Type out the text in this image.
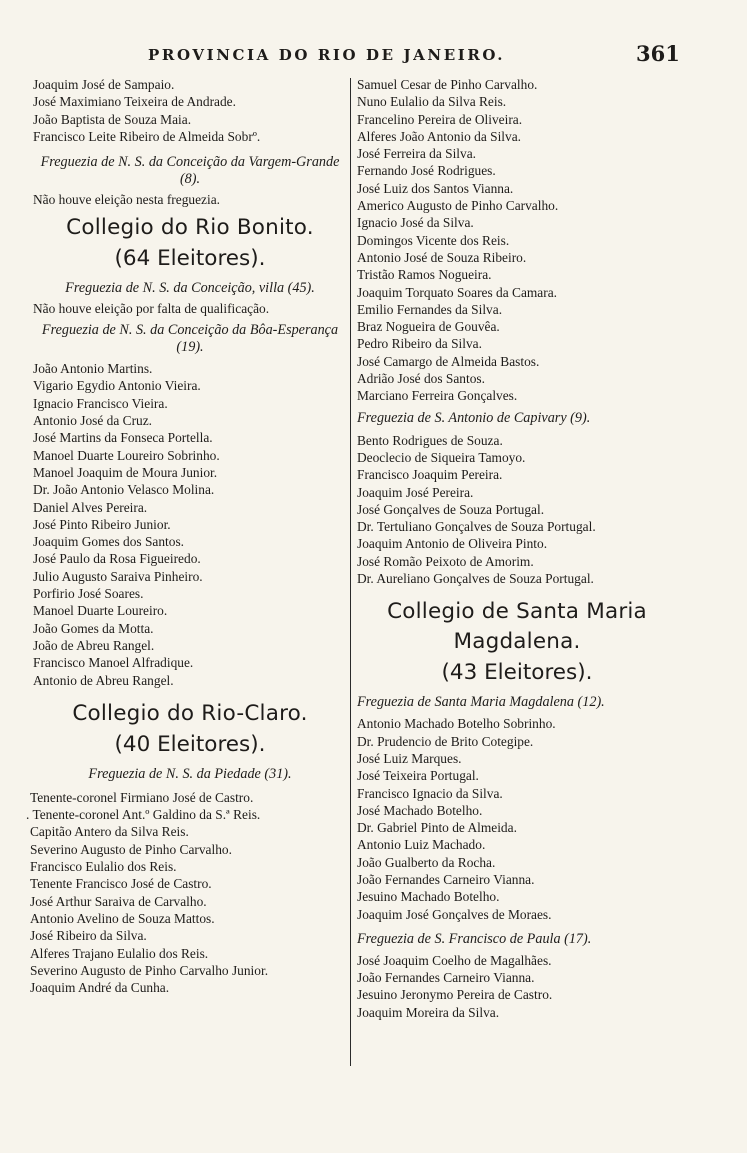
PROVINCIA DO RIO DE JANEIRO.	361
Joaquim José de Sampaio.
José Maximiano Teixeira de Andrade.
João Baptista de Souza Maia.
Francisco Leite Ribeiro de Almeida Sobrº.
Freguezia de N. S. da Conceição da Vargem-Grande (8).
Não houve eleição nesta freguezia.
Collegio do Rio Bonito.
(64 Eleitores).
Freguezia de N. S. da Conceição, villa (45).
Não houve eleição por falta de qualificação.
Freguezia de N. S. da Conceição da Bôa-Esperança (19).
João Antonio Martins.
Vigario Egydio Antonio Vieira.
Ignacio Francisco Vieira.
Antonio José da Cruz.
José Martins da Fonseca Portella.
Manoel Duarte Loureiro Sobrinho.
Manoel Joaquim de Moura Junior.
Dr. João Antonio Velasco Molina.
Daniel Alves Pereira.
José Pinto Ribeiro Junior.
Joaquim Gomes dos Santos.
José Paulo da Rosa Figueiredo.
Julio Augusto Saraiva Pinheiro.
Porfirio José Soares.
Manoel Duarte Loureiro.
João Gomes da Motta.
João de Abreu Rangel.
Francisco Manoel Alfradique.
Antonio de Abreu Rangel.
Collegio do Rio-Claro.
(40 Eleitores).
Freguezia de N. S. da Piedade (31).
Tenente-coronel Firmiano José de Castro.
. Tenente-coronel Ant.º Galdino da S.ª Reis.
Capitão Antero da Silva Reis.
Severino Augusto de Pinho Carvalho.
Francisco Eulalio dos Reis.
Tenente Francisco José de Castro.
José Arthur Saraiva de Carvalho.
Antonio Avelino de Souza Mattos.
José Ribeiro da Silva.
Alferes Trajano Eulalio dos Reis.
Severino Augusto de Pinho Carvalho Junior.
Joaquim André da Cunha.
Samuel Cesar de Pinho Carvalho.
Nuno Eulalio da Silva Reis.
Francelino Pereira de Oliveira.
Alferes João Antonio da Silva.
José Ferreira da Silva.
Fernando José Rodrigues.
José Luiz dos Santos Vianna.
Americo Augusto de Pinho Carvalho.
Ignacio José da Silva.
Domingos Vicente dos Reis.
Antonio José de Souza Ribeiro.
Tristão Ramos Nogueira.
Joaquim Torquato Soares da Camara.
Emilio Fernandes da Silva.
Braz Nogueira de Gouvêa.
Pedro Ribeiro da Silva.
José Camargo de Almeida Bastos.
Adrião José dos Santos.
Marciano Ferreira Gonçalves.
Freguezia de S. Antonio de Capivary (9).
Bento Rodrigues de Souza.
Deoclecio de Siqueira Tamoyo.
Francisco Joaquim Pereira.
Joaquim José Pereira.
José Gonçalves de Souza Portugal.
Dr. Tertuliano Gonçalves de Souza Portugal.
Joaquim Antonio de Oliveira Pinto.
José Romão Peixoto de Amorim.
Dr. Aureliano Gonçalves de Souza Portugal.
Collegio de Santa Maria
Magdalena.
(43 Eleitores).
Freguezia de Santa Maria Magdalena (12).
Antonio Machado Botelho Sobrinho.
Dr. Prudencio de Brito Cotegipe.
José Luiz Marques.
José Teixeira Portugal.
Francisco Ignacio da Silva.
José Machado Botelho.
Dr. Gabriel Pinto de Almeida.
Antonio Luiz Machado.
João Gualberto da Rocha.
João Fernandes Carneiro Vianna.
Jesuino Machado Botelho.
Joaquim José Gonçalves de Moraes.
Freguezia de S. Francisco de Paula (17).
José Joaquim Coelho de Magalhães.
João Fernandes Carneiro Vianna.
Jesuino Jeronymo Pereira de Castro.
Joaquim Moreira da Silva.
